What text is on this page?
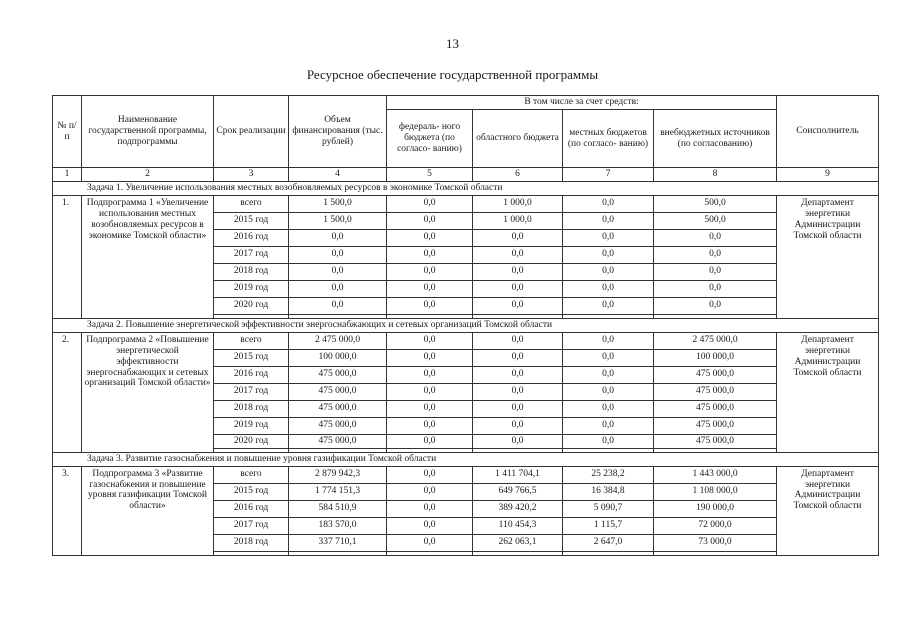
13
Ресурсное обеспечение государственной программы
№ п/п	Наименование государственной программы, подпрограммы	Срок реализации	Объем финансирования (тыс. рублей)	В том числе за счет средств:				Соисполнитель
				федераль- ного бюджета (по согласо- ванию)	областного бюджета	местных бюджетов (по согласо- ванию)	внебюджетных источников (по согласованию)	
1	2	3	4	5	6	7	8	9
Задача 1. Увеличение использования местных возобновляемых ресурсов в экономике Томской области								
1.	Подпрограмма 1 «Увеличение использования местных возобновляемых ресурсов в экономике Томской области»	всего	1 500,0	0,0	1 000,0	0,0	500,0	Департамент энергетики Администрации Томской области
		2015 год	1 500,0	0,0	1 000,0	0,0	500,0	
		2016 год	0,0	0,0	0,0	0,0	0,0	
		2017 год	0,0	0,0	0,0	0,0	0,0	
		2018 год	0,0	0,0	0,0	0,0	0,0	
		2019 год	0,0	0,0	0,0	0,0	0,0	
		2020 год	0,0	0,0	0,0	0,0	0,0	

Задача 2. Повышение энергетической эффективности энергоснабжающих и сетевых организаций Томской области								
2.	Подпрограмма 2 «Повышение энергетической эффективности энергоснабжающих и сетевых организаций Томской области»	всего	2 475 000,0	0,0	0,0	0,0	2 475 000,0	Департамент энергетики Администрации Томской области
		2015 год	100 000,0	0,0	0,0	0,0	100 000,0	
		2016 год	475 000,0	0,0	0,0	0,0	475 000,0	
		2017 год	475 000,0	0,0	0,0	0,0	475 000,0	
		2018 год	475 000,0	0,0	0,0	0,0	475 000,0	
		2019 год	475 000,0	0,0	0,0	0,0	475 000,0	
		2020 год	475 000,0	0,0	0,0	0,0	475 000,0	

Задача 3. Развитие газоснабжения и повышение уровня газификации Томской области								
3.	Подпрограмма 3 «Развитие газоснабжения и повышение уровня газификации Томской области»	всего	2 879 942,3	0,0	1 411 704,1	25 238,2	1 443 000,0	Департамент энергетики Администрации Томской области
		2015 год	1 774 151,3	0,0	649 766,5	16 384,8	1 108 000,0	
		2016 год	584 510,9	0,0	389 420,2	5 090,7	190 000,0	
		2017 год	183 570,0	0,0	110 454,3	1 115,7	72 000,0	
		2018 год	337 710,1	0,0	262 063,1	2 647,0	73 000,0	
